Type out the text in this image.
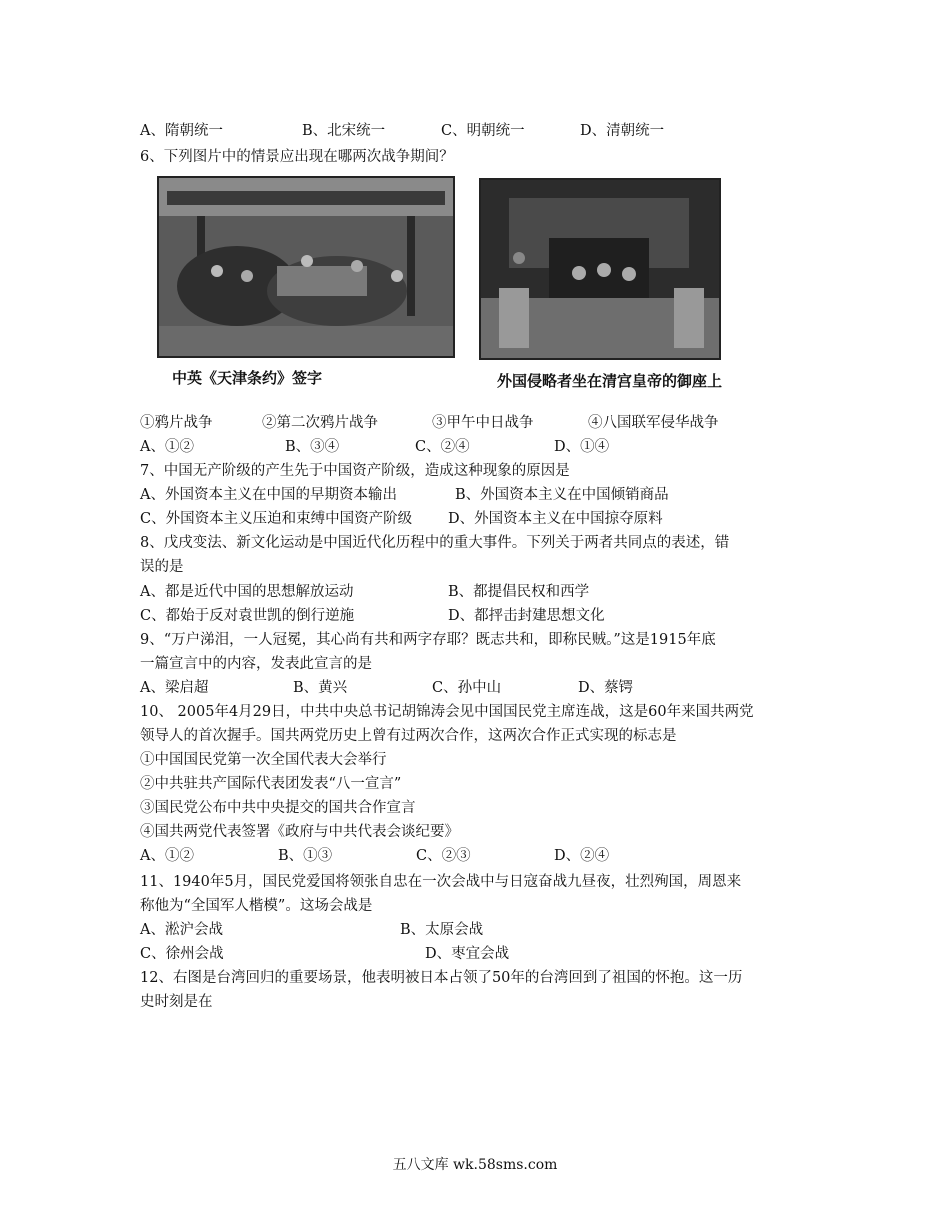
A、隋朝统一	B、北宋统一	C、明朝统一	D、清朝统一
6、下列图片中的情景应出现在哪两次战争期间？
中英《天津条约》签字	外国侵略者坐在清宫皇帝的御座上
①鸦片战争	②第二次鸦片战争	③甲午中日战争	④八国联军侵华战争
A、①②	B、③④	C、②④	D、①④
7、中国无产阶级的产生先于中国资产阶级，造成这种现象的原因是
A、外国资本主义在中国的早期资本输出	B、外国资本主义在中国倾销商品
C、外国资本主义压迫和束缚中国资产阶级	D、外国资本主义在中国掠夺原料
8、戊戌变法、新文化运动是中国近代化历程中的重大事件。下列关于两者共同点的表述，错
误的是
A、都是近代中国的思想解放运动	B、都提倡民权和西学
C、都始于反对袁世凯的倒行逆施	D、都抨击封建思想文化
9、“万户涕泪，一人冠冕，其心尚有共和两字存耶？既志共和，即称民贼。”这是1915年底
一篇宣言中的内容，发表此宣言的是
A、梁启超	B、黄兴	C、孙中山	D、蔡锷
10、 2005年4月29日，中共中央总书记胡锦涛会见中国国民党主席连战，这是60年来国共两党
领导人的首次握手。国共两党历史上曾有过两次合作，这两次合作正式实现的标志是
①中国国民党第一次全国代表大会举行
②中共驻共产国际代表团发表“八一宣言”
③国民党公布中共中央提交的国共合作宣言
④国共两党代表签署《政府与中共代表会谈纪要》
A、①②	B、①③	C、②③	D、②④
11、1940年5月，国民党爱国将领张自忠在一次会战中与日寇奋战九昼夜，壮烈殉国，周恩来
称他为“全国军人楷模”。这场会战是
A、淞沪会战	B、太原会战
C、徐州会战	D、枣宜会战
12、右图是台湾回归的重要场景，他表明被日本占领了50年的台湾回到了祖国的怀抱。这一历
史时刻是在
五八文库 wk.58sms.com
